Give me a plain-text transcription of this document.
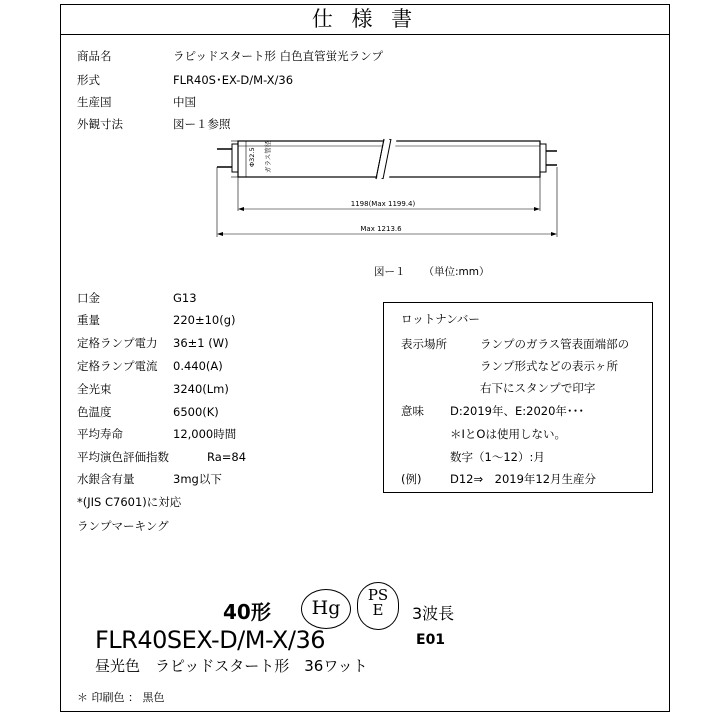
仕 様 書
商品名	ラピッドスタート形 白色直管蛍光ランプ
形式	FLR40S･EX-D/M-X/36
生産国	中国
外観寸法	図ー１参照
Φ32.5 ガラス管径
1198(Max 1199.4)
Max 1213.6
図ー１ （単位:mm）
口金	G13
重量	220±10(g)
定格ランプ電力 36±1 (W)
定格ランプ電流 0.440(A)
全光束	3240(Lm)
色温度	6500(K)
平均寿命	12,000時間
平均演色評価指数	Ra=84
水銀含有量	3mg以下
*(JIS C7601)に対応
ランプマーキング
ロットナンバー
表示場所	ランプのガラス管表面端部の
ランプ形式などの表示ヶ所
右下にスタンプで印字
意味 D:2019年、E:2020年･･･
＊IとOは使用しない。
数字（1～12）:月
(例) D12⇒　2019年12月生産分
40形	Hg
PS
E	3波長
FLR40SEX-D/M-X/36	E01
昼光色　ラピッドスタート形　36ワット
＊ 印刷色 ： 黒色
